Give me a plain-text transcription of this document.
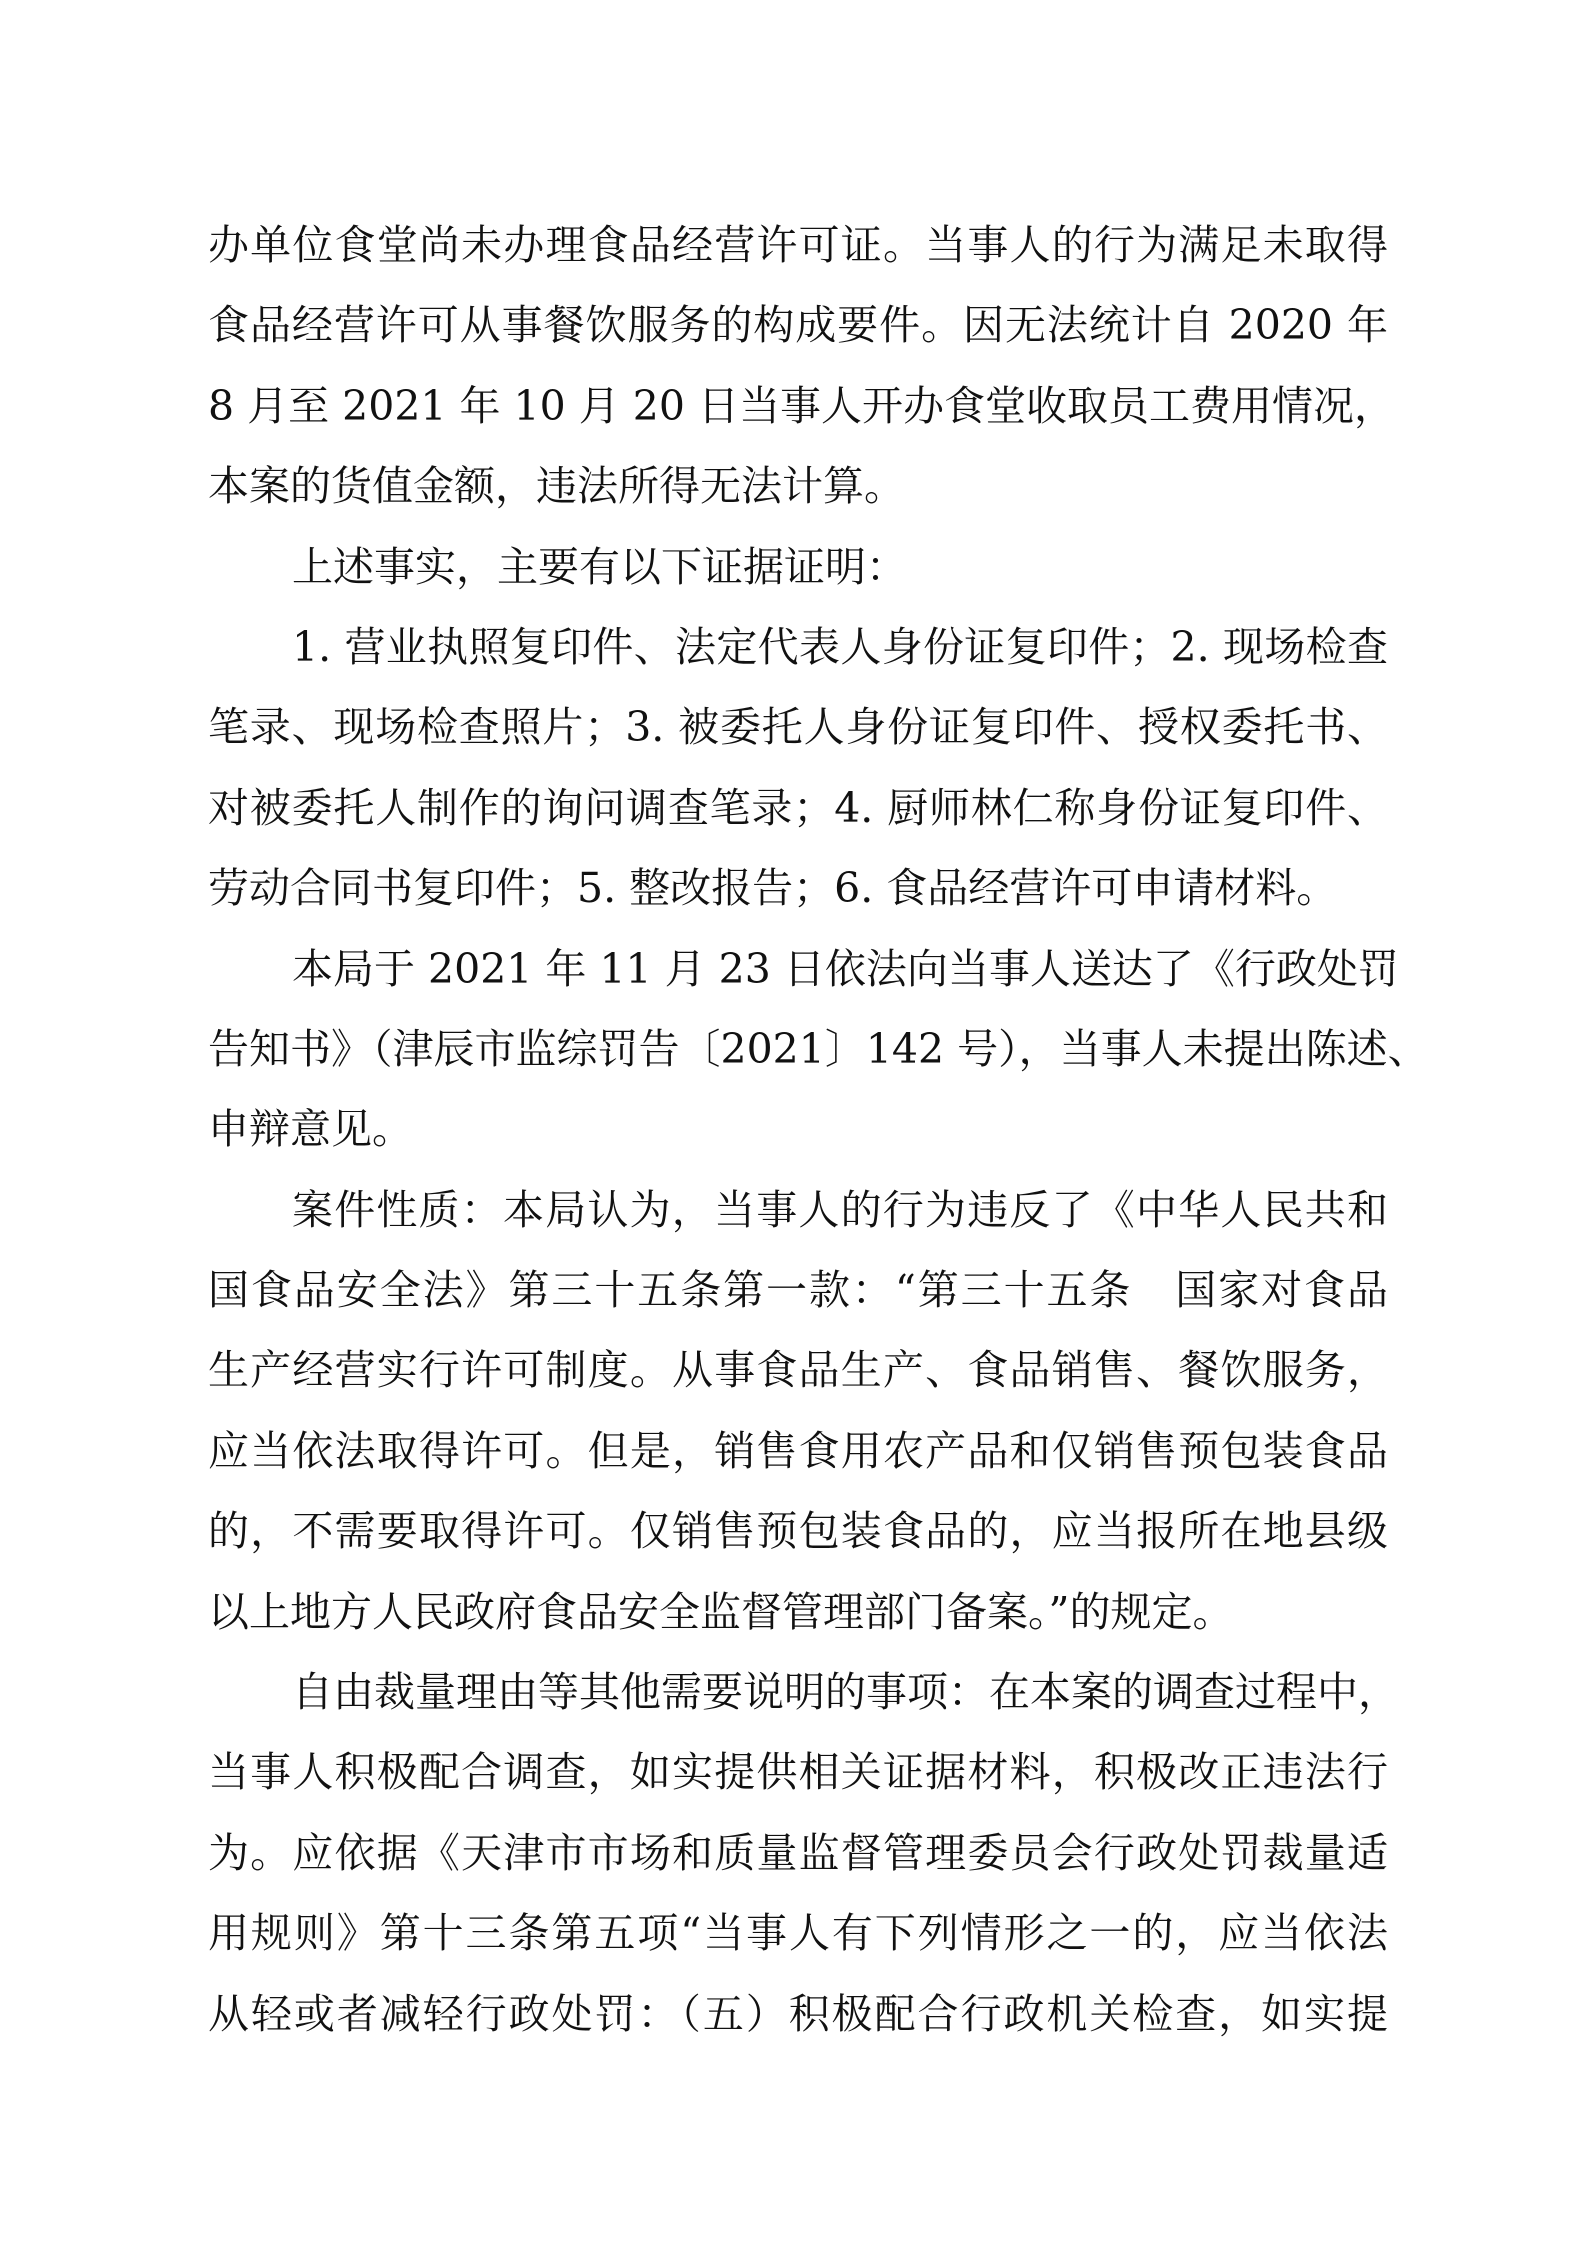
办单位食堂尚未办理食品经营许可证。当事人的行为满足未取得
食品经营许可从事餐饮服务的构成要件。因无法统计自 2020 年
8 月至 2021 年 10 月 20 日当事人开办食堂收取员工费用情况，
本案的货值金额，违法所得无法计算。
上述事实，主要有以下证据证明：
1. 营业执照复印件、法定代表人身份证复印件；2. 现场检查
笔录、现场检查照片；3. 被委托人身份证复印件、授权委托书、
对被委托人制作的询问调查笔录；4. 厨师林仁称身份证复印件、
劳动合同书复印件；5. 整改报告；6. 食品经营许可申请材料。
本局于 2021 年 11 月 23 日依法向当事人送达了《行政处罚
告知书》（津辰市监综罚告〔2021〕142 号），当事人未提出陈述、
申辩意见。
案件性质：本局认为，当事人的行为违反了《中华人民共和
国食品安全法》第三十五条第一款：“第三十五条　国家对食品
生产经营实行许可制度。从事食品生产、食品销售、餐饮服务，
应当依法取得许可。但是，销售食用农产品和仅销售预包装食品
的，不需要取得许可。仅销售预包装食品的，应当报所在地县级
以上地方人民政府食品安全监督管理部门备案。”的规定。
自由裁量理由等其他需要说明的事项：在本案的调查过程中，
当事人积极配合调查，如实提供相关证据材料，积极改正违法行
为。应依据《天津市市场和质量监督管理委员会行政处罚裁量适
用规则》第十三条第五项“当事人有下列情形之一的，应当依法
从轻或者减轻行政处罚：（五）积极配合行政机关检查，如实提
